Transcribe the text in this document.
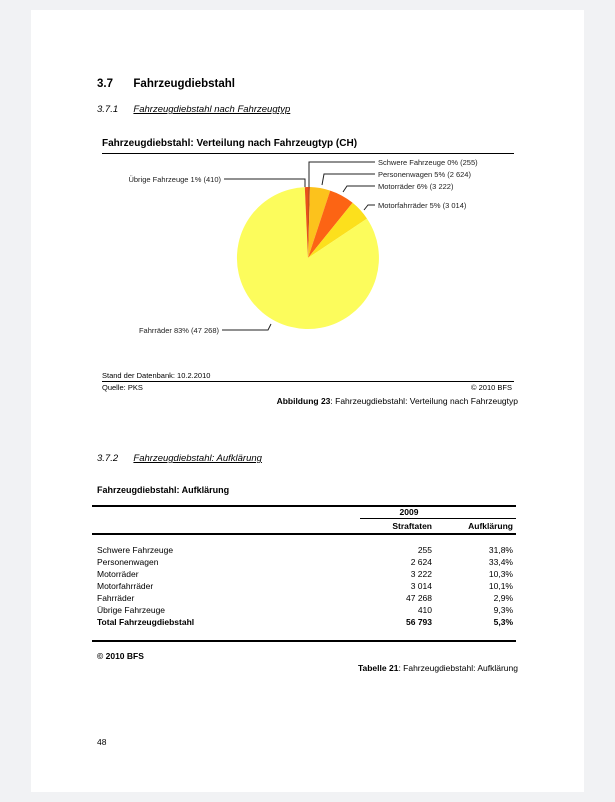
3.7 Fahrzeugdiebstahl
3.7.1 Fahrzeugdiebstahl nach Fahrzeugtyp
Fahrzeugdiebstahl: Verteilung nach Fahrzeugtyp (CH)
Schwere Fahrzeuge 0% (255)
Personenwagen 5% (2 624)
Motorräder 6% (3 222)
Motorfahrräder 5% (3 014)
Übrige Fahrzeuge 1% (410)
Fahrräder 83% (47 268)
Stand der Datenbank: 10.2.2010
Quelle: PKS	© 2010 BFS
Abbildung 23: Fahrzeugdiebstahl: Verteilung nach Fahrzeugtyp
3.7.2 Fahrzeugdiebstahl: Aufklärung
Fahrzeugdiebstahl: Aufklärung
2009
Straftaten	Aufklärung
Schwere Fahrzeuge	255	31,8%
Personenwagen	2 624	33,4%
Motorräder	3 222	10,3%
Motorfahrräder	3 014	10,1%
Fahrräder	47 268	2,9%
Übrige Fahrzeuge	410	9,3%
Total Fahrzeugdiebstahl	56 793	5,3%
© 2010 BFS
Tabelle 21: Fahrzeugdiebstahl: Aufklärung
48
